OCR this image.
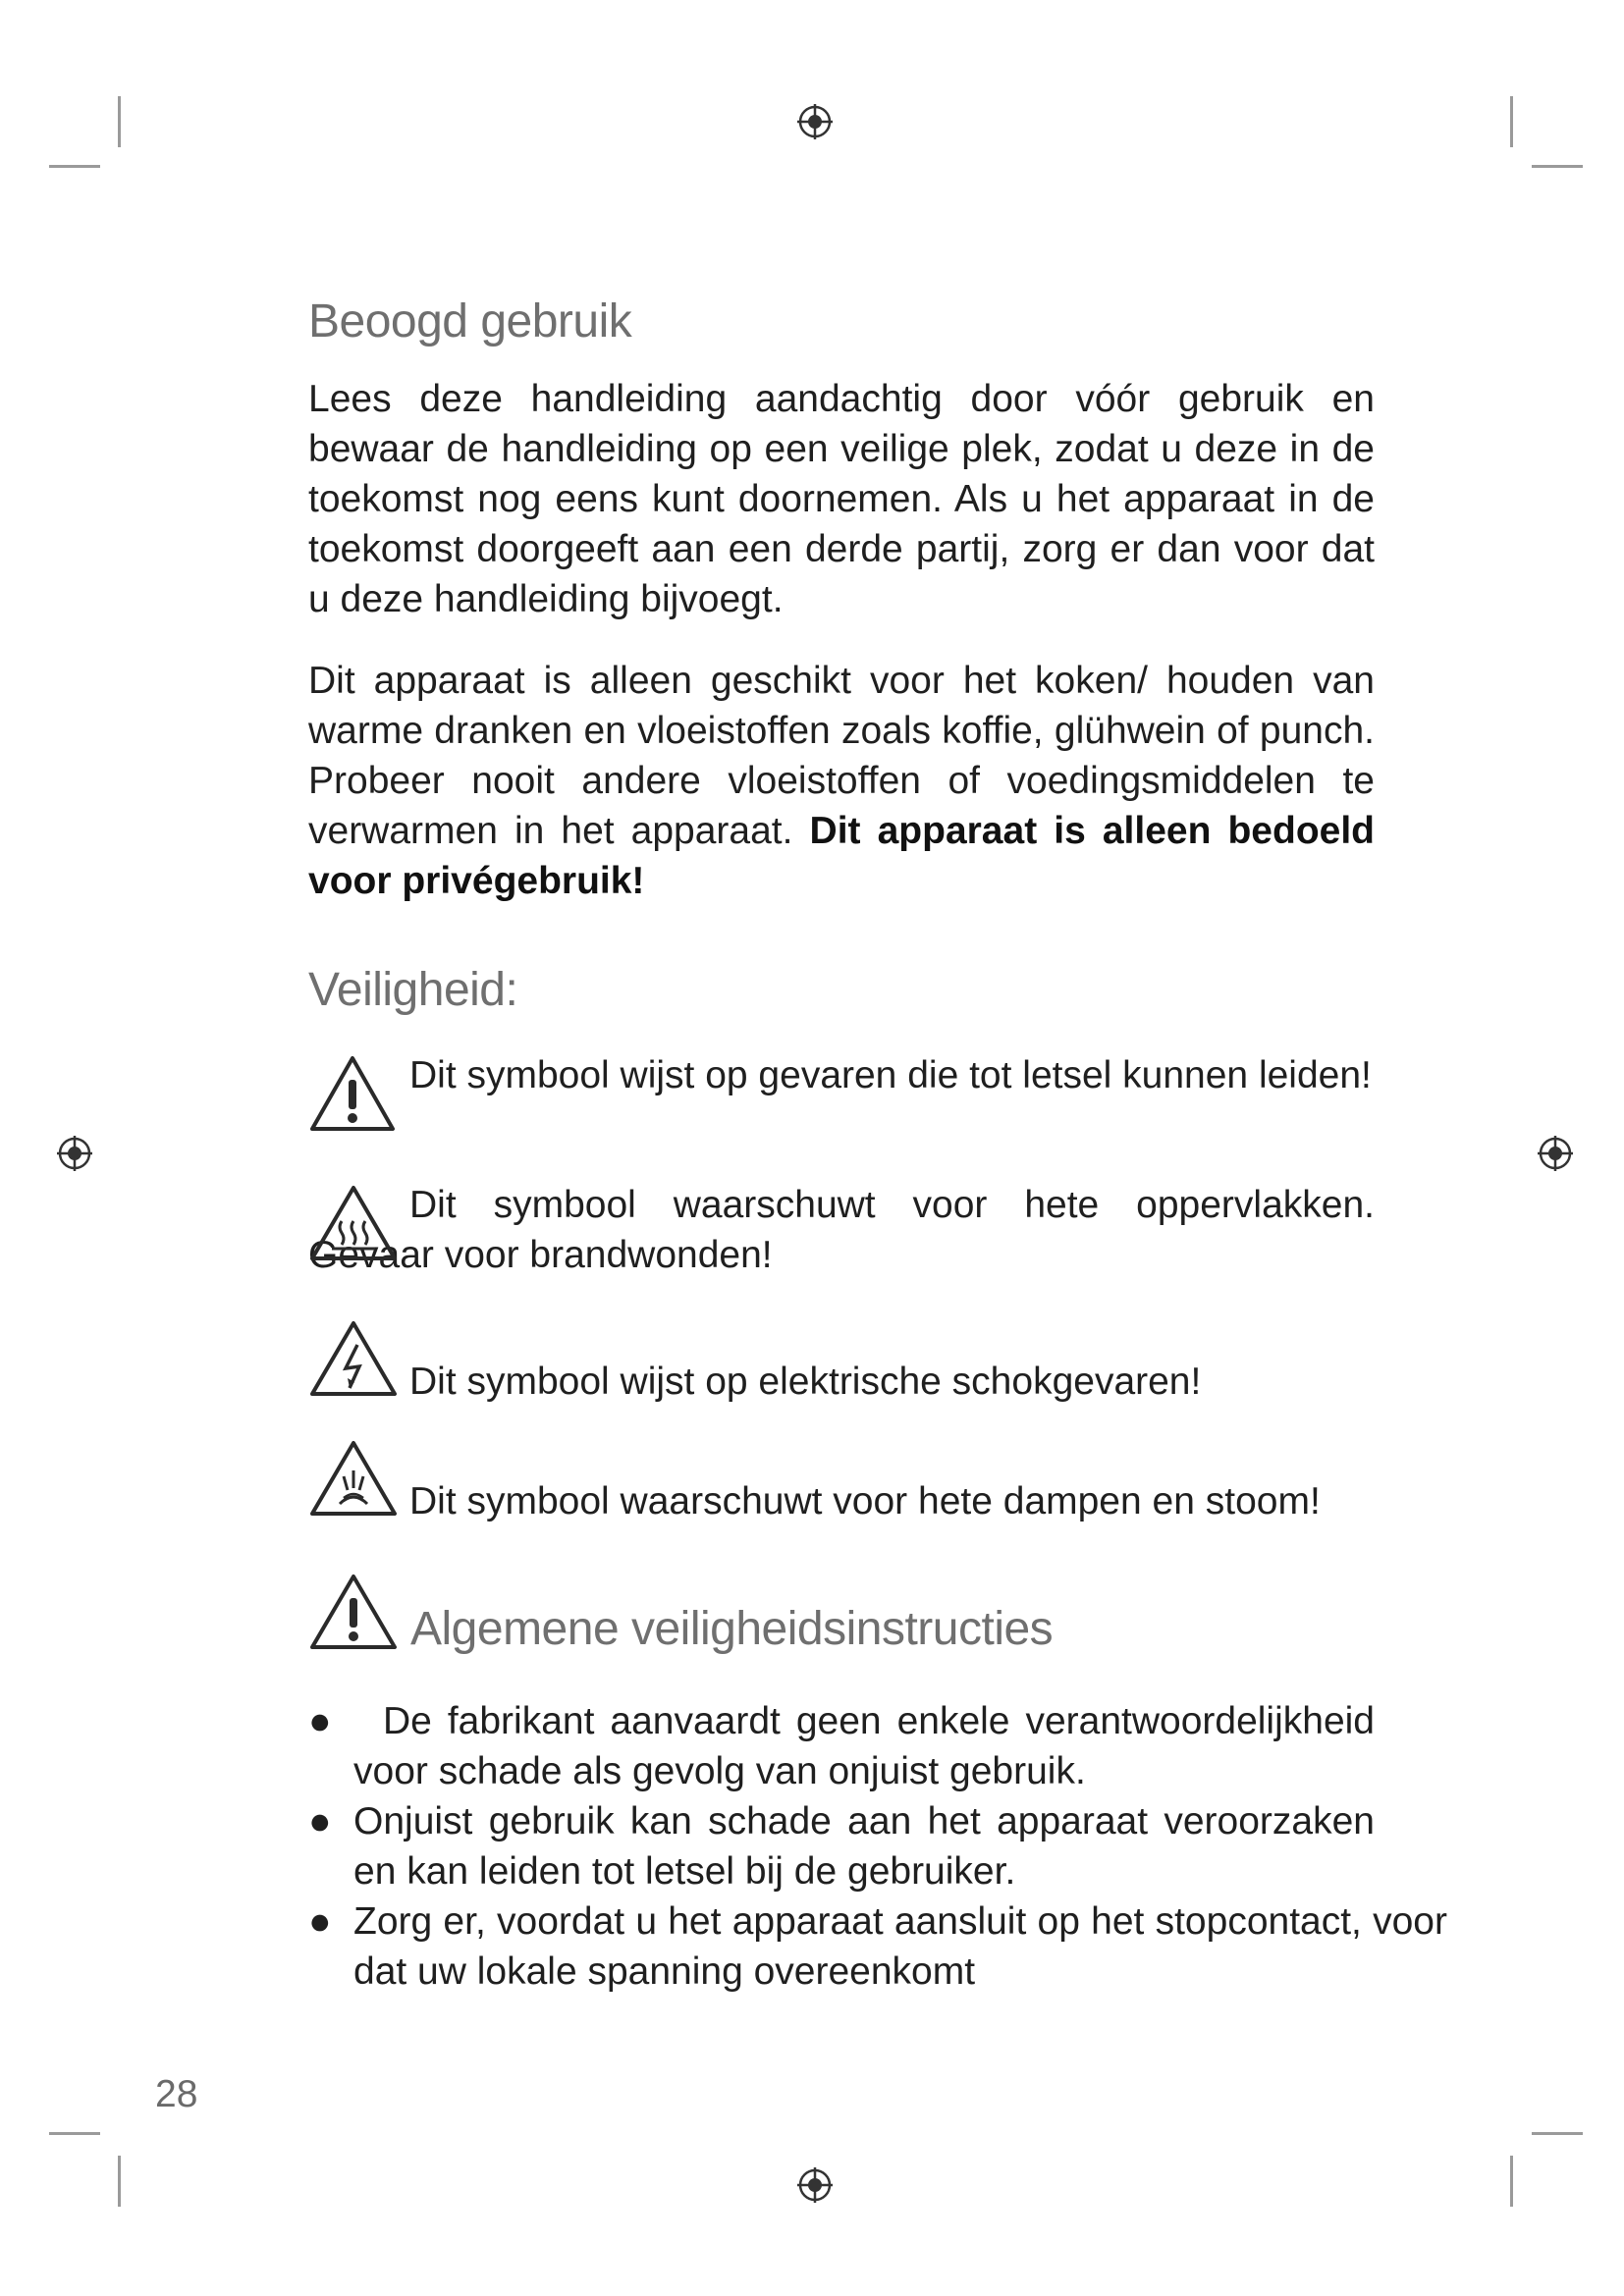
Beoogd gebruik

Lees deze handleiding aandachtig door vóór gebruik en bewaar de handleiding op een veilige plek, zodat u deze in de toekomst nog eens kunt doornemen. Als u het apparaat in de toekomst doorgeeft aan een derde partij, zorg er dan voor dat u deze handleiding bijvoegt.

Dit apparaat is alleen geschikt voor het koken/ houden van warme dranken en vloeistoffen zoals koffie, glühwein of punch. Probeer nooit andere vloeistoffen of voedingsmiddelen te verwarmen in het apparaat. Dit apparaat is alleen bedoeld voor privégebruik!

Veiligheid:
Dit symbool wijst op gevaren die tot letsel kunnen leiden!
Dit symbool waarschuwt voor hete oppervlakken. Gevaar voor brandwonden!
Dit symbool wijst op elektrische schokgevaren!
Dit symbool waarschuwt voor hete dampen en stoom!
Algemene veiligheidsinstructies
●	De fabrikant aanvaardt geen enkele verantwoordelijkheid voor schade als gevolg van onjuist gebruik.
● Onjuist gebruik kan schade aan het apparaat veroorzaken en kan leiden tot letsel bij de gebruiker.
● Zorg er, voordat u het apparaat aansluit op het stopcontact, voor dat uw lokale spanning overeenkomt
28
